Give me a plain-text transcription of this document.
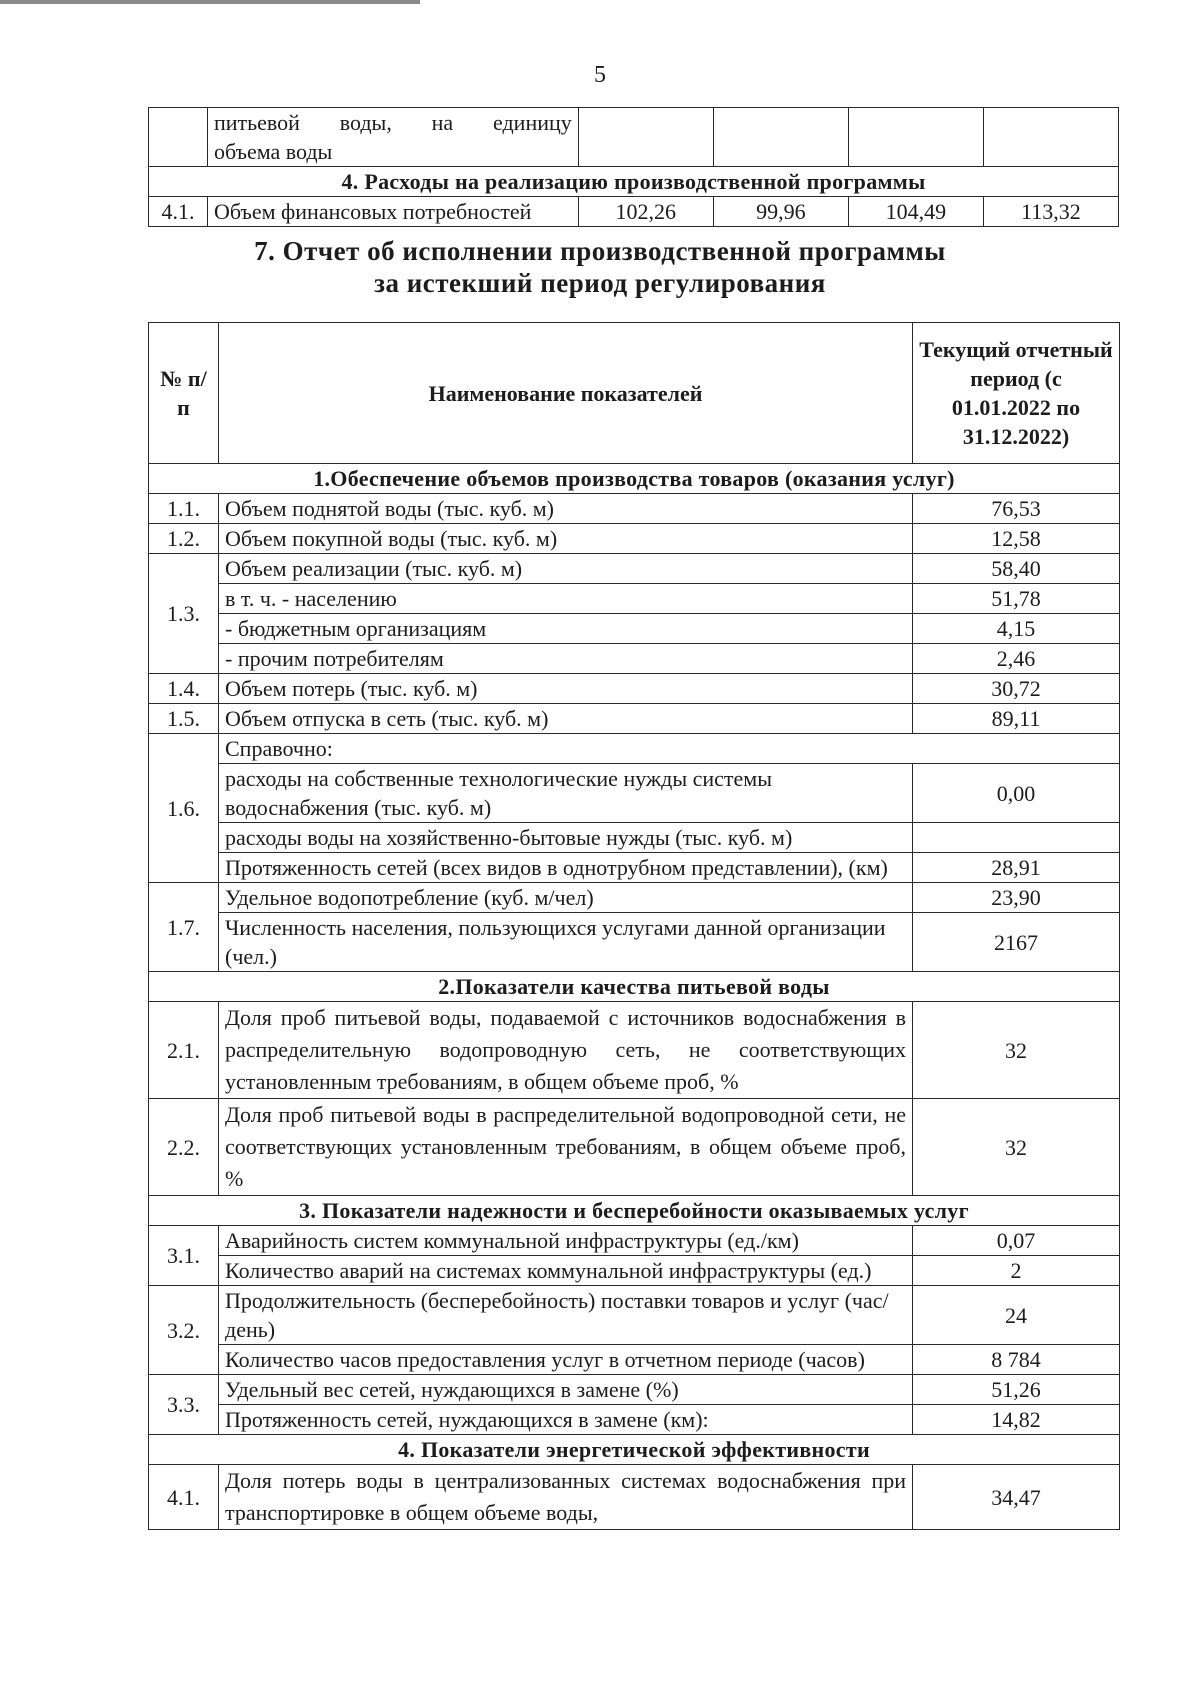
5

	питьевой воды, на единицу
объема воды				

4. Расходы на реализацию производственной программы					
4.1.	Объем финансовых потребностей	102,26	99,96	104,49	113,32
7. Отчет об исполнении производственной программы
за истекший период регулирования
№ п/п	Наименование показателей	Текущий отчетный период (с 01.01.2022 по 31.12.2022)
1.Обеспечение объемов производства товаров (оказания услуг)		
1.1.	Объем поднятой воды (тыс. куб. м)	76,53
1.2.	Объем покупной воды (тыс. куб. м)	12,58
1.3.	Объем реализации (тыс. куб. м)	58,40
	в т. ч. - населению	51,78
	- бюджетным организациям	4,15
	- прочим потребителям	2,46
1.4.	Объем потерь (тыс. куб. м)	30,72
1.5.	Объем отпуска в сеть (тыс. куб. м)	89,11
1.6.	Справочно:	
	расходы на собственные технологические нужды системы водоснабжения (тыс. куб. м)	0,00
	расходы воды на хозяйственно-бытовые нужды (тыс. куб. м)	
	Протяженность сетей (всех видов в однотрубном представлении), (км)	28,91
1.7.	Удельное водопотребление (куб. м/чел)	23,90
	Численность населения, пользующихся услугами данной организации (чел.)	2167
2.Показатели качества питьевой воды		
2.1.	Доля проб питьевой воды, подаваемой с источников водоснабжения в распределительную водопроводную сеть, не соответствующих установленным требованиям, в общем объеме проб, %	32
2.2.	Доля проб питьевой воды в распределительной водопроводной сети, не соответствующих установленным требованиям, в общем объеме проб, %	32
3. Показатели надежности и бесперебойности оказываемых услуг		
3.1.	Аварийность систем коммунальной инфраструктуры (ед./км)	0,07
	Количество аварий на системах коммунальной инфраструктуры (ед.)	2
3.2.	Продолжительность (бесперебойность) поставки товаров и услуг (час/день)	24
	Количество часов предоставления услуг в отчетном периоде (часов)	8 784
3.3.	Удельный вес сетей, нуждающихся в замене (%)	51,26
	Протяженность сетей, нуждающихся в замене (км):	14,82
4. Показатели энергетической эффективности		
4.1.	Доля потерь воды в централизованных системах водоснабжения при транспортировке в общем объеме воды,	34,47
